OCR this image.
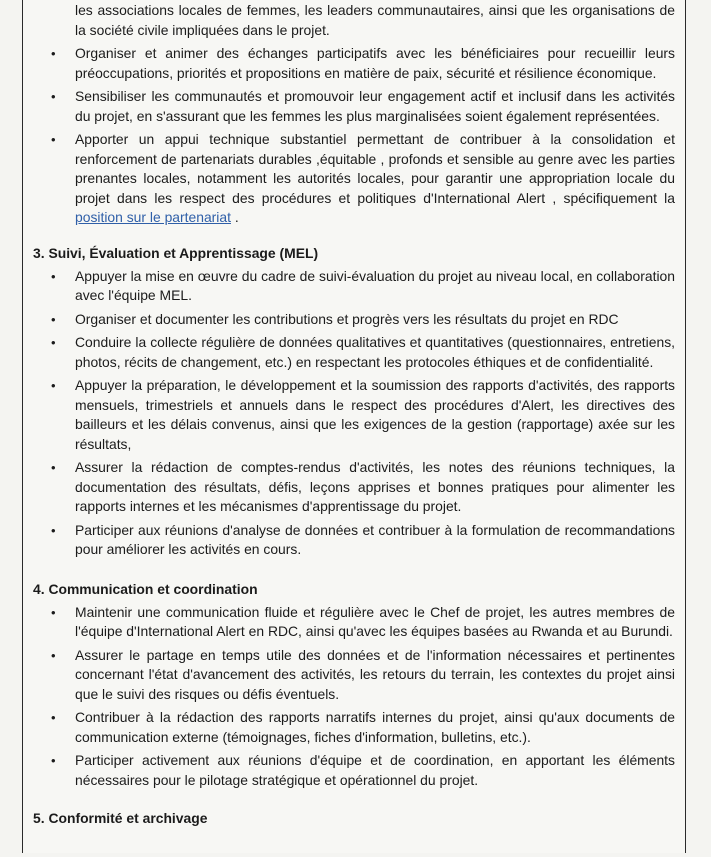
les associations locales de femmes, les leaders communautaires, ainsi que les organisations de la société civile impliquées dans le projet.

• Organiser et animer des échanges participatifs avec les bénéficiaires pour recueillir leurs préoccupations, priorités et propositions en matière de paix, sécurité et résilience économique.
• Sensibiliser les communautés et promouvoir leur engagement actif et inclusif dans les activités du projet, en s'assurant que les femmes les plus marginalisées soient également représentées.
• Apporter un appui technique substantiel permettant de contribuer à la consolidation et renforcement de partenariats durables ,équitable , profonds et sensible au genre avec les parties prenantes locales, notamment les autorités locales, pour garantir une appropriation locale du projet dans les respect des procédures et politiques d'International Alert , spécifiquement la position sur le partenariat .
3. Suivi, Évaluation et Apprentissage (MEL)
• Appuyer la mise en œuvre du cadre de suivi-évaluation du projet au niveau local, en collaboration avec l'équipe MEL.
• Organiser et documenter les contributions et progrès vers les résultats du projet en RDC
• Conduire la collecte régulière de données qualitatives et quantitatives (questionnaires, entretiens, photos, récits de changement, etc.) en respectant les protocoles éthiques et de confidentialité.
• Appuyer la préparation, le développement et la soumission des rapports d'activités, des rapports mensuels, trimestriels et annuels dans le respect des procédures d'Alert, les directives des bailleurs et les délais convenus, ainsi que les exigences de la gestion (rapportage) axée sur les résultats,
• Assurer la rédaction de comptes-rendus d'activités, les notes des réunions techniques, la documentation des résultats, défis, leçons apprises et bonnes pratiques pour alimenter les rapports internes et les mécanismes d'apprentissage du projet.
• Participer aux réunions d'analyse de données et contribuer à la formulation de recommandations pour améliorer les activités en cours.
4. Communication et coordination
• Maintenir une communication fluide et régulière avec le Chef de projet, les autres membres de l'équipe d'International Alert en RDC, ainsi qu'avec les équipes basées au Rwanda et au Burundi.
• Assurer le partage en temps utile des données et de l'information nécessaires et pertinentes concernant l'état d'avancement des activités, les retours du terrain, les contextes du projet ainsi que le suivi des risques ou défis éventuels.
• Contribuer à la rédaction des rapports narratifs internes du projet, ainsi qu'aux documents de communication externe (témoignages, fiches d'information, bulletins, etc.).
• Participer activement aux réunions d'équipe et de coordination, en apportant les éléments nécessaires pour le pilotage stratégique et opérationnel du projet.
5. Conformité et archivage
